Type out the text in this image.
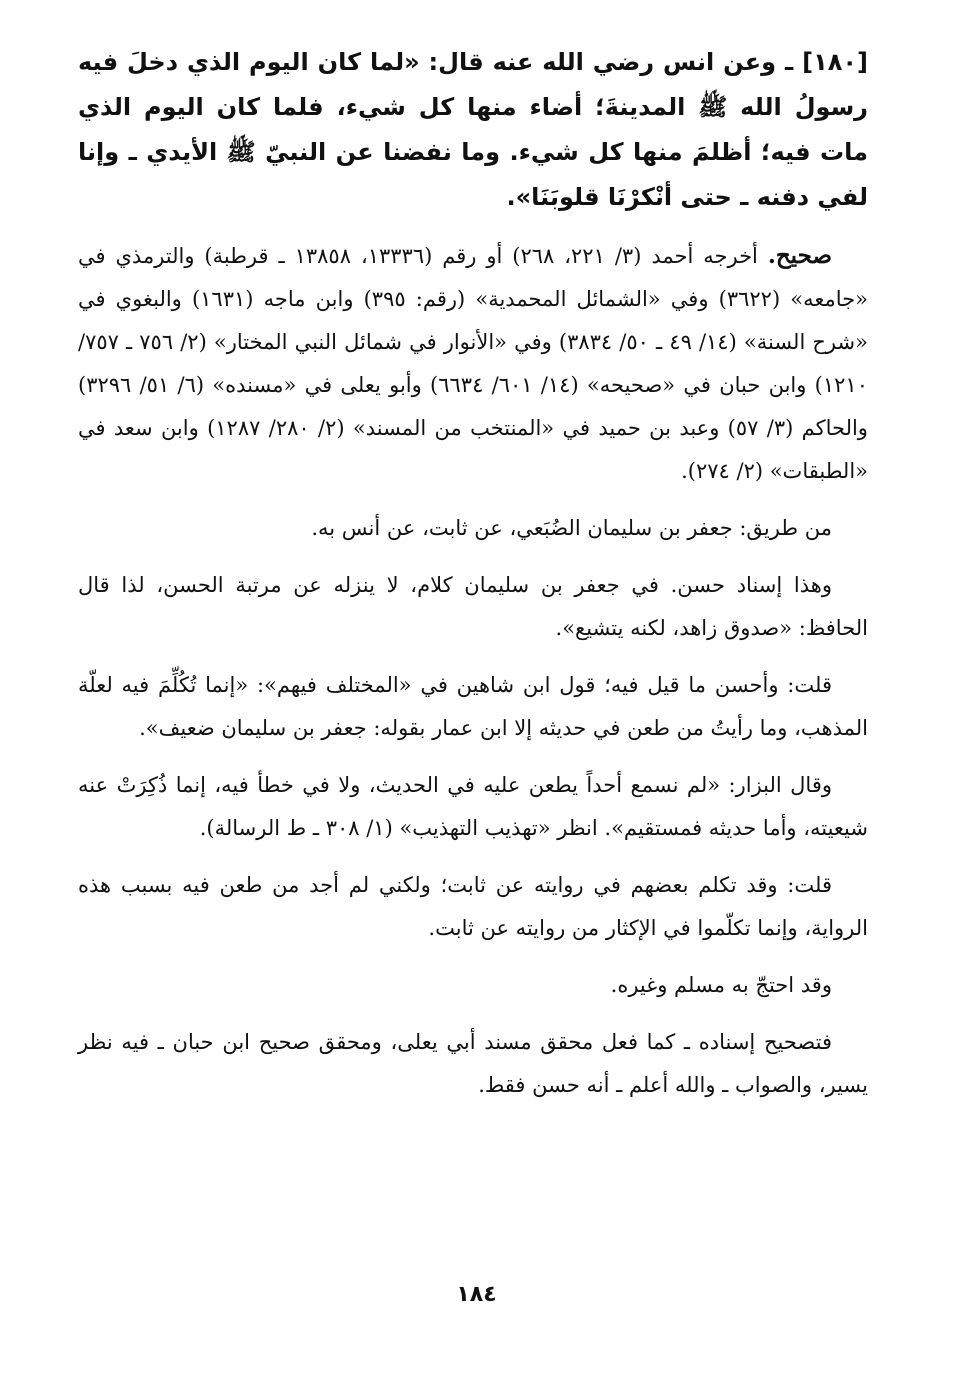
[١٨٠] ـ وعن انس رضي الله عنه قال: «لما كان اليوم الذي دخلَ فيه رسولُ الله ﷺ المدينةَ؛ أضاء منها كل شيء، فلما كان اليوم الذي مات فيه؛ أظلمَ منها كل شيء. وما نفضنا عن النبيّ ﷺ الأيدي ـ وإنا لفي دفنه ـ حتى أنْكرْنَا قلوبَنَا».

صحيح. أخرجه أحمد (٣/ ٢٢١، ٢٦٨) أو رقم (١٣٣٣٦، ١٣٨٥٨ ـ قرطبة) والترمذي في «جامعه» (٣٦٢٢) وفي «الشمائل المحمدية» (رقم: ٣٩٥) وابن ماجه (١٦٣١) والبغوي في «شرح السنة» (١٤/ ٤٩ ـ ٥٠/ ٣٨٣٤) وفي «الأنوار في شمائل النبي المختار» (٢/ ٧٥٦ ـ ٧٥٧/ ١٢١٠) وابن حبان في «صحيحه» (١٤/ ٦٠١/ ٦٦٣٤) وأبو يعلى في «مسنده» (٦/ ٥١/ ٣٢٩٦) والحاكم (٣/ ٥٧) وعبد بن حميد في «المنتخب من المسند» (٢/ ٢٨٠/ ١٢٨٧) وابن سعد في «الطبقات» (٢/ ٢٧٤).

من طريق: جعفر بن سليمان الضُبَعي، عن ثابت، عن أنس به.

وهذا إسناد حسن. في جعفر بن سليمان كلام، لا ينزله عن مرتبة الحسن، لذا قال الحافظ: «صدوق زاهد، لكنه يتشيع».

قلت: وأحسن ما قيل فيه؛ قول ابن شاهين في «المختلف فيهم»: «إنما تُكُلِّمَ فيه لعلّة المذهب، وما رأيتُ من طعن في حديثه إلا ابن عمار بقوله: جعفر بن سليمان ضعيف».

وقال البزار: «لم نسمع أحداً يطعن عليه في الحديث، ولا في خطأ فيه، إنما ذُكِرَتْ عنه شيعيته، وأما حديثه فمستقيم». انظر «تهذيب التهذيب» (١/ ٣٠٨ ـ ط الرسالة).

قلت: وقد تكلم بعضهم في روايته عن ثابت؛ ولكني لم أجد من طعن فيه بسبب هذه الرواية، وإنما تكلّموا في الإكثار من روايته عن ثابت.

وقد احتجّ به مسلم وغيره.

فتصحيح إسناده ـ كما فعل محقق مسند أبي يعلى، ومحقق صحيح ابن حبان ـ فيه نظر يسير، والصواب ـ والله أعلم ـ أنه حسن فقط.

١٨٤
